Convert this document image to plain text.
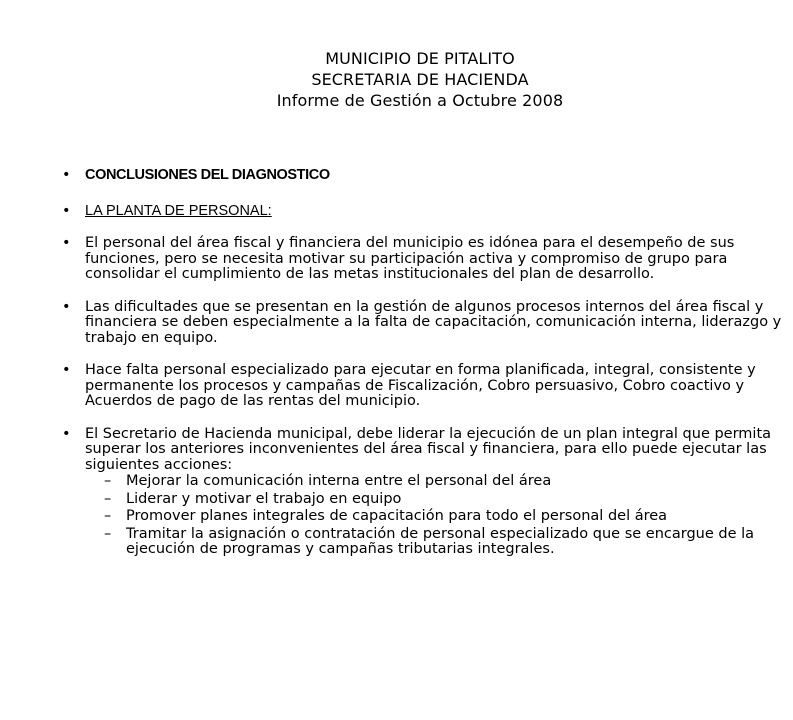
MUNICIPIO DE PITALITO
SECRETARIA DE HACIENDA
Informe de Gestión a Octubre 2008
• CONCLUSIONES DEL DIAGNOSTICO
• LA PLANTA DE PERSONAL:
• El personal del área fiscal y financiera del municipio es idónea para el desempeño de sus funciones, pero se necesita motivar su participación activa y compromiso de grupo para consolidar el cumplimiento de las metas institucionales del plan de desarrollo.
• Las dificultades que se presentan en la gestión de algunos procesos internos del área fiscal y financiera se deben especialmente a la falta de capacitación, comunicación interna, liderazgo y trabajo en equipo.
• Hace falta personal especializado para ejecutar en forma planificada, integral, consistente y permanente los procesos y campañas de Fiscalización, Cobro persuasivo, Cobro coactivo y Acuerdos de pago de las rentas del municipio.
• El Secretario de Hacienda municipal, debe liderar la ejecución de un plan integral que permita superar los anteriores inconvenientes del área fiscal y financiera, para ello puede ejecutar las siguientes acciones:
– Mejorar la comunicación interna entre el personal del área
– Liderar y motivar el trabajo en equipo
– Promover planes integrales de capacitación para todo el personal del área
– Tramitar la asignación o contratación de personal especializado que se encargue de la ejecución de programas y campañas tributarias integrales.
